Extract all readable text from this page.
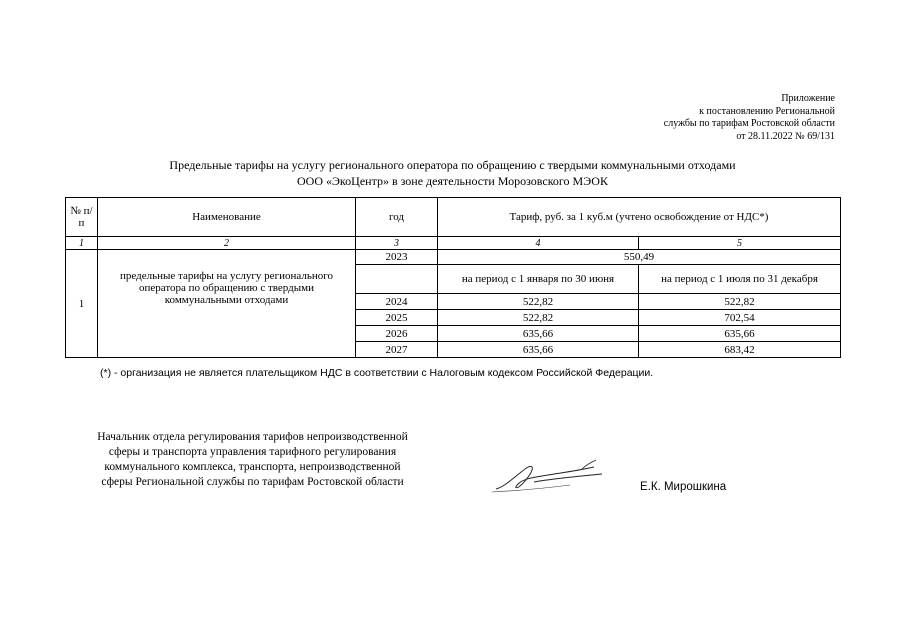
Приложение
к постановлению Региональной
службы по тарифам Ростовской области
от 28.11.2022 № 69/131
Предельные тарифы на услугу регионального оператора по обращению с твердыми коммунальными отходами
ООО «ЭкоЦентр» в зоне деятельности Морозовского МЭОК
№ п/п	Наименование	год	Тариф, руб. за 1 куб.м (учтено освобождение от НДС*)	
1	2	3	4	5
1	предельные тарифы на услугу регионального оператора по обращению с твердыми коммунальными отходами	2023	550,49	
			на период с 1 января по 30 июня	на период с 1 июля по 31 декабря
		2024	522,82	522,82
		2025	522,82	702,54
		2026	635,66	635,66
		2027	635,66	683,42
(*) - организация не является плательщиком НДС в соответствии с Налоговым кодексом Российской Федерации.
Начальник отдела регулирования тарифов непроизводственной
сферы и транспорта управления тарифного регулирования
коммунального комплекса, транспорта, непроизводственной
сферы Региональной службы по тарифам Ростовской области	Е.К. Мирошкина
